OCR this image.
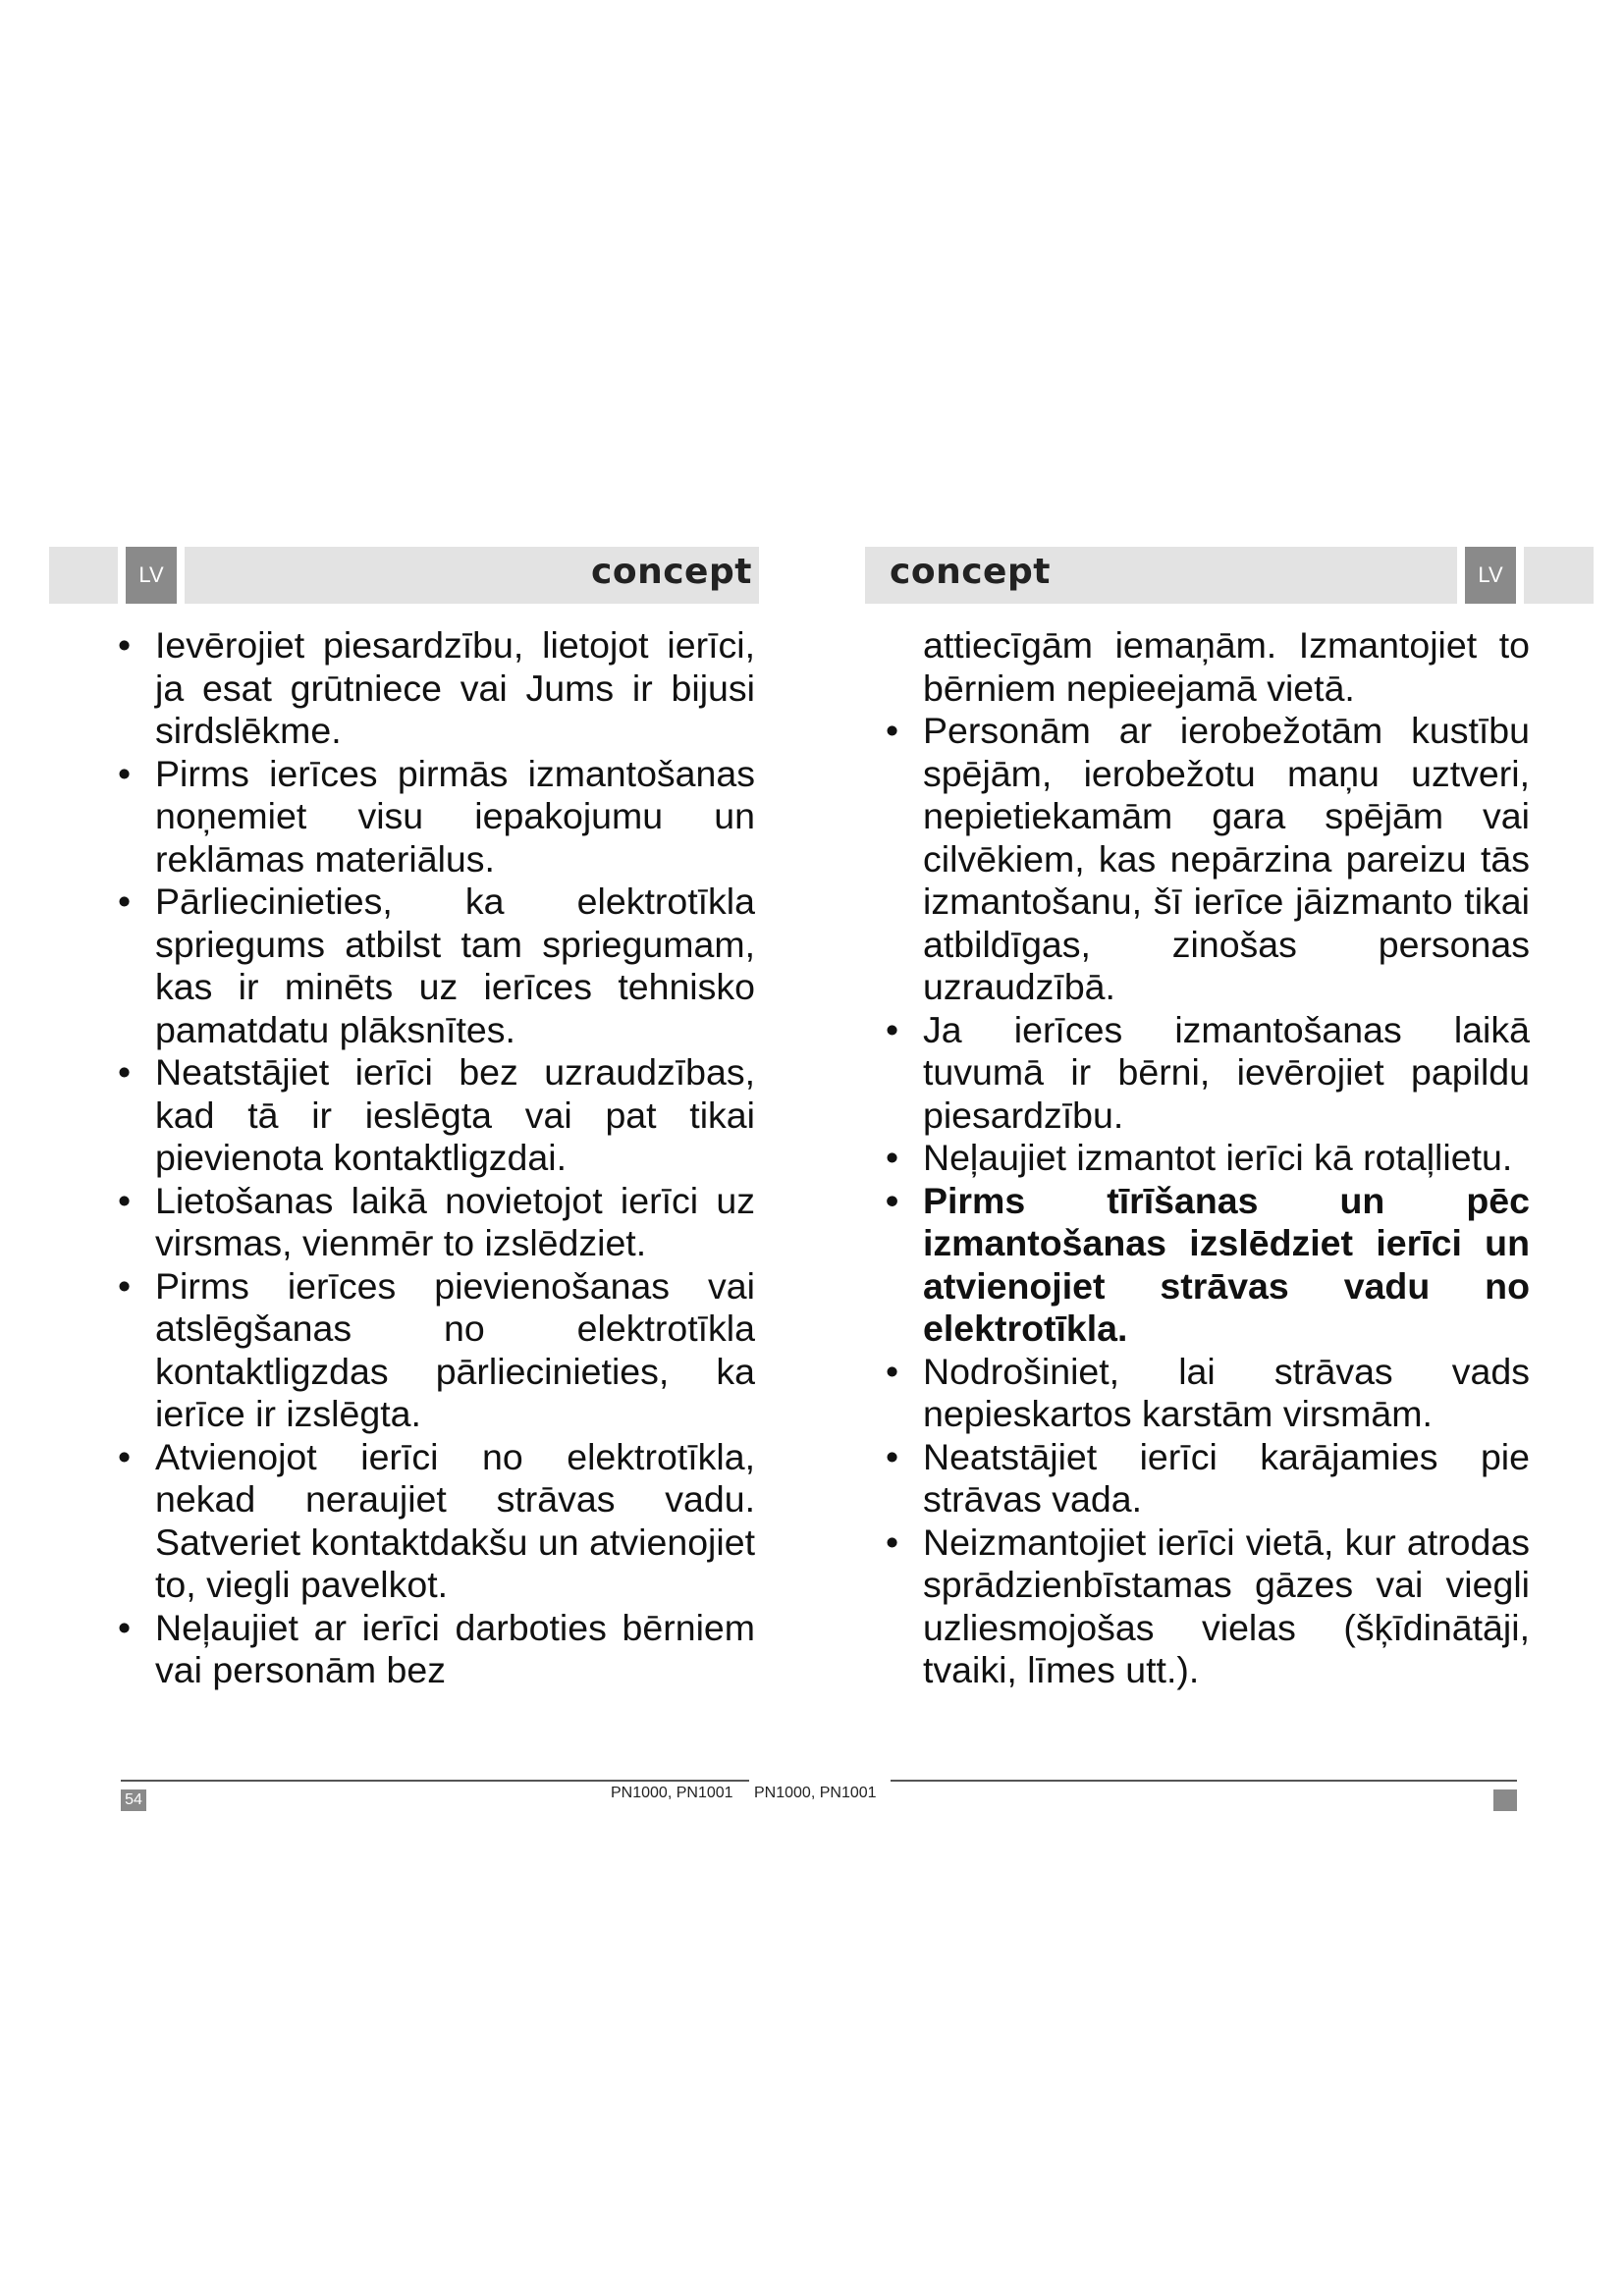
LV	LV
concept	concept
• Ievērojiet piesardzību, lietojot ierīci, ja esat grūtniece vai Jums ir bijusi sirdslēkme.
• Pirms ierīces pirmās izmantošanas noņemiet visu iepakojumu un reklāmas materiālus.
• Pārliecinieties, ka elektrotīkla spriegums atbilst tam spriegumam, kas ir minēts uz ierīces tehnisko pamatdatu plāksnītes.
• Neatstājiet ierīci bez uzraudzības, kad tā ir ieslēgta vai pat tikai pievienota kontaktligzdai.
• Lietošanas laikā novietojot ierīci uz virsmas, vienmēr to izslēdziet.
• Pirms ierīces pievienošanas vai atslēgšanas no elektrotīkla kontaktligzdas pārliecinieties, ka ierīce ir izslēgta.
• Atvienojot ierīci no elektrotīkla, nekad neraujiet strāvas vadu. Satveriet kontaktdakšu un atvienojiet to, viegli pavelkot.
• Neļaujiet ar ierīci darboties bērniem vai personām bez

attiecīgām iemaņām. Izmantojiet to bērniem nepieejamā vietā.

• Personām ar ierobežotām kustību spējām, ierobežotu maņu uztveri, nepietiekamām gara spējām vai cilvēkiem, kas nepārzina pareizu tās izmantošanu, šī ierīce jāizmanto tikai atbildīgas, zinošas personas uzraudzībā.
• Ja ierīces izmantošanas laikā tuvumā ir bērni, ievērojiet papildu piesardzību.
• Neļaujiet izmantot ierīci kā rotaļlietu.
• Pirms tīrīšanas un pēc izmantošanas izslēdziet ierīci un atvienojiet strāvas vadu no elektrotīkla.
• Nodrošiniet, lai strāvas vads nepieskartos karstām virsmām.
• Neatstājiet ierīci karājamies pie strāvas vada.
• Neizmantojiet ierīci vietā, kur atrodas sprādzienbīstamas gāzes vai viegli uzliesmojošas vielas (šķīdinātāji, tvaiki, līmes utt.).
54	PN1000, PN1001 PN1000, PN1001
